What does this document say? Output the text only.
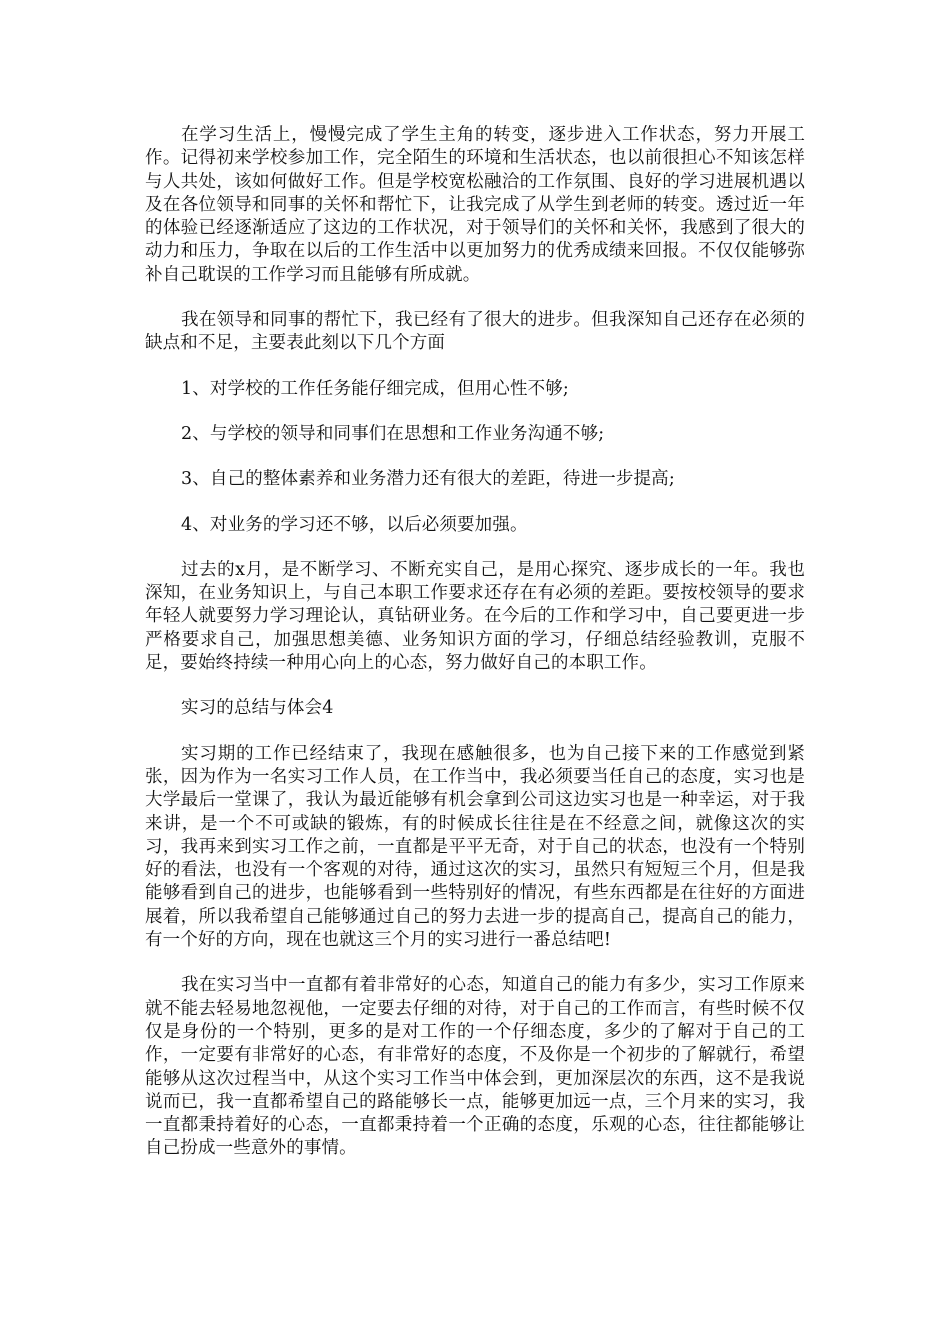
在学习生活上，慢慢完成了学生主角的转变，逐步进入工作状态，努力开展工作。记得初来学校参加工作，完全陌生的环境和生活状态，也以前很担心不知该怎样与人共处，该如何做好工作。但是学校宽松融洽的工作氛围、良好的学习进展机遇以及在各位领导和同事的关怀和帮忙下，让我完成了从学生到老师的转变。透过近一年的体验已经逐渐适应了这边的工作状况，对于领导们的关怀和关怀，我感到了很大的动力和压力，争取在以后的工作生活中以更加努力的优秀成绩来回报。不仅仅能够弥补自己耽误的工作学习而且能够有所成就。

我在领导和同事的帮忙下，我已经有了很大的进步。但我深知自己还存在必须的缺点和不足，主要表此刻以下几个方面

1、对学校的工作任务能仔细完成，但用心性不够;

2、与学校的领导和同事们在思想和工作业务沟通不够;

3、自己的整体素养和业务潜力还有很大的差距，待进一步提高;

4、对业务的学习还不够，以后必须要加强。

过去的x月，是不断学习、不断充实自己，是用心探究、逐步成长的一年。我也深知，在业务知识上，与自己本职工作要求还存在有必须的差距。要按校领导的要求年轻人就要努力学习理论认，真钻研业务。在今后的工作和学习中，自己要更进一步严格要求自己，加强思想美德、业务知识方面的学习，仔细总结经验教训，克服不足，要始终持续一种用心向上的心态，努力做好自己的本职工作。

实习的总结与体会4

实习期的工作已经结束了，我现在感触很多，也为自己接下来的工作感觉到紧张，因为作为一名实习工作人员，在工作当中，我必须要当任自己的态度，实习也是大学最后一堂课了，我认为最近能够有机会拿到公司这边实习也是一种幸运，对于我来讲，是一个不可或缺的锻炼，有的时候成长往往是在不经意之间，就像这次的实习，我再来到实习工作之前，一直都是平平无奇，对于自己的状态，也没有一个特别好的看法，也没有一个客观的对待，通过这次的实习，虽然只有短短三个月，但是我能够看到自己的进步，也能够看到一些特别好的情况，有些东西都是在往好的方面进展着，所以我希望自己能够通过自己的努力去进一步的提高自己，提高自己的能力，有一个好的方向，现在也就这三个月的实习进行一番总结吧!

我在实习当中一直都有着非常好的心态，知道自己的能力有多少，实习工作原来就不能去轻易地忽视他，一定要去仔细的对待，对于自己的工作而言，有些时候不仅仅是身份的一个特别，更多的是对工作的一个仔细态度，多少的了解对于自己的工作，一定要有非常好的心态，有非常好的态度，不及你是一个初步的了解就行，希望能够从这次过程当中，从这个实习工作当中体会到，更加深层次的东西，这不是我说说而已，我一直都希望自己的路能够长一点，能够更加远一点，三个月来的实习，我一直都秉持着好的心态，一直都秉持着一个正确的态度，乐观的心态，往往都能够让自己扮成一些意外的事情。
